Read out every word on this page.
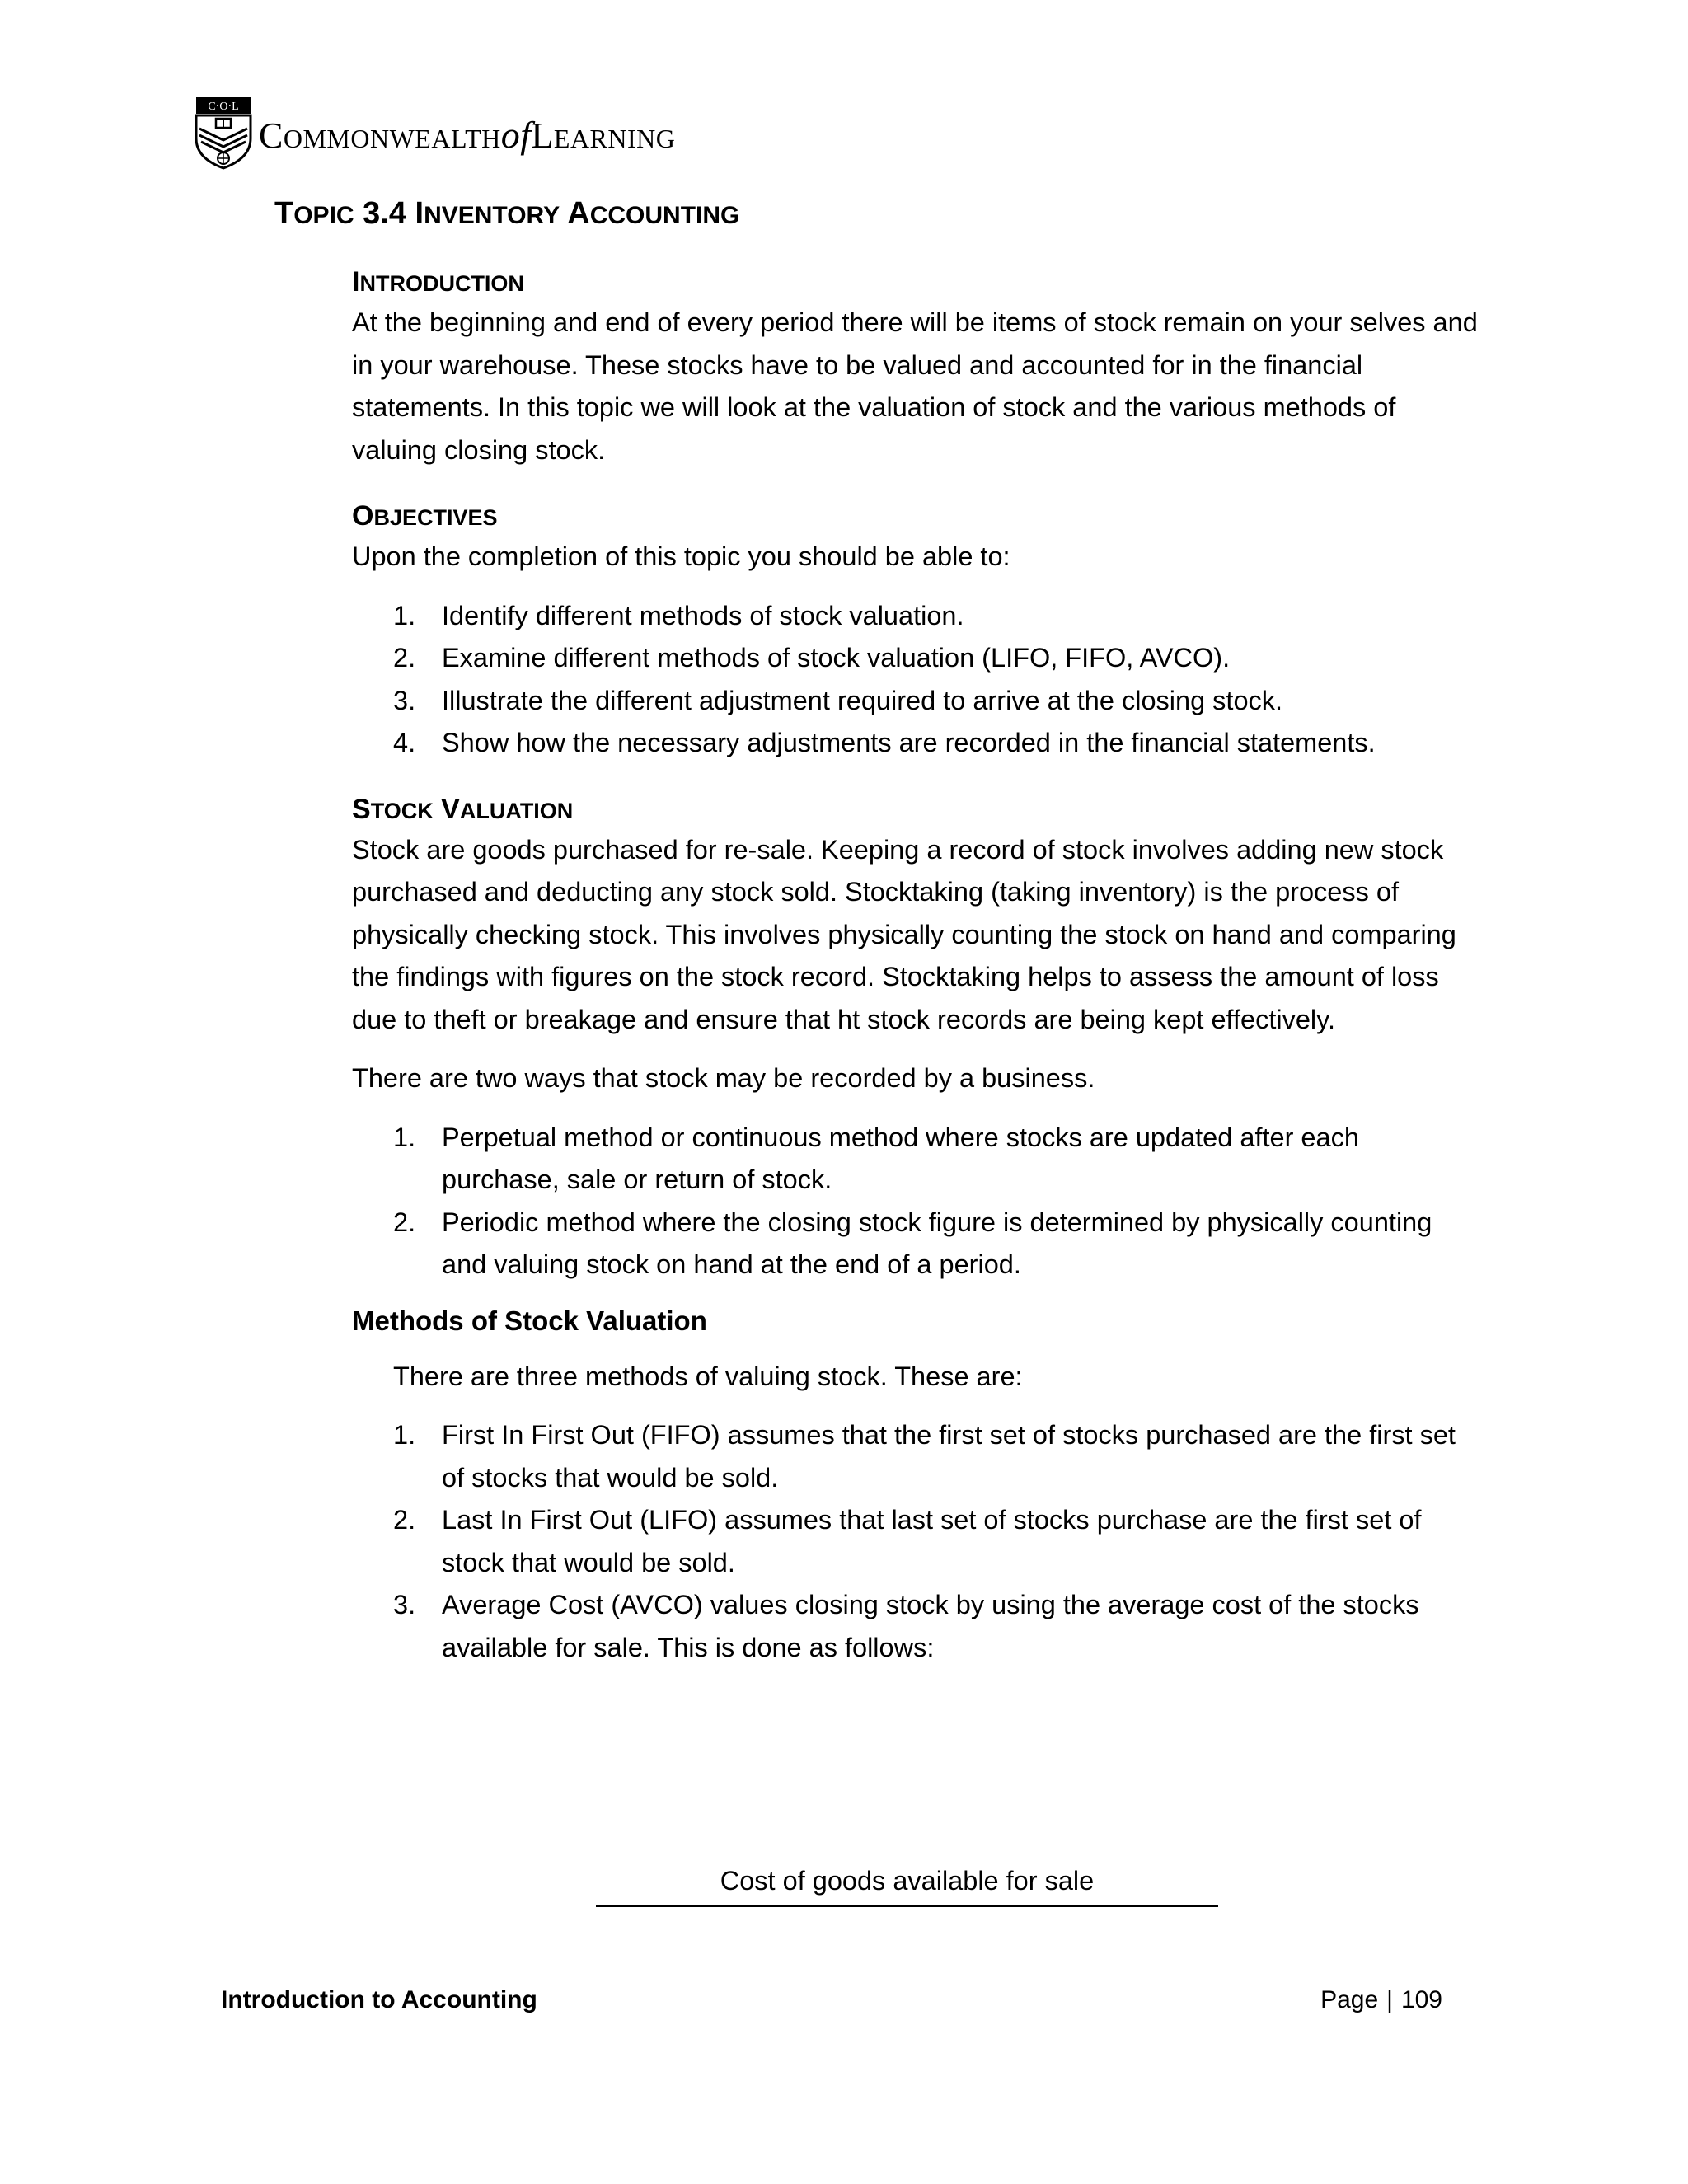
C·O·L
COMMONWEALTHofLEARNING
TOPIC 3.4 INVENTORY ACCOUNTING
INTRODUCTION

At the beginning and end of every period there will be items of stock remain on your selves and in your warehouse. These stocks have to be valued and accounted for in the financial statements. In this topic we will look at the valuation of stock and the various methods of valuing closing stock.

OBJECTIVES

Upon the completion of this topic you should be able to:

1. Identify different methods of stock valuation.
2. Examine different methods of stock valuation (LIFO, FIFO, AVCO).
3. Illustrate the different adjustment required to arrive at the closing stock.
4. Show how the necessary adjustments are recorded in the financial statements.
STOCK VALUATION

Stock are goods purchased for re-sale. Keeping a record of stock involves adding new stock purchased and deducting any stock sold. Stocktaking (taking inventory) is the process of physically checking stock. This involves physically counting the stock on hand and comparing the findings with figures on the stock record. Stocktaking helps to assess the amount of loss due to theft or breakage and ensure that ht stock records are being kept effectively.

There are two ways that stock may be recorded by a business.

1. Perpetual method or continuous method where stocks are updated after each purchase, sale or return of stock.
2. Periodic method where the closing stock figure is determined by physically counting and valuing stock on hand at the end of a period.
Methods of Stock Valuation

There are three methods of valuing stock. These are:

1. First In First Out (FIFO) assumes that the first set of stocks purchased are the first set of stocks that would be sold.
2. Last In First Out (LIFO) assumes that last set of stocks purchase are the first set of stock that would be sold.
3. Average Cost (AVCO) values closing stock by using the average cost of the stocks available for sale. This is done as follows:
Cost of goods available for sale
Introduction to Accounting	Page | 109
